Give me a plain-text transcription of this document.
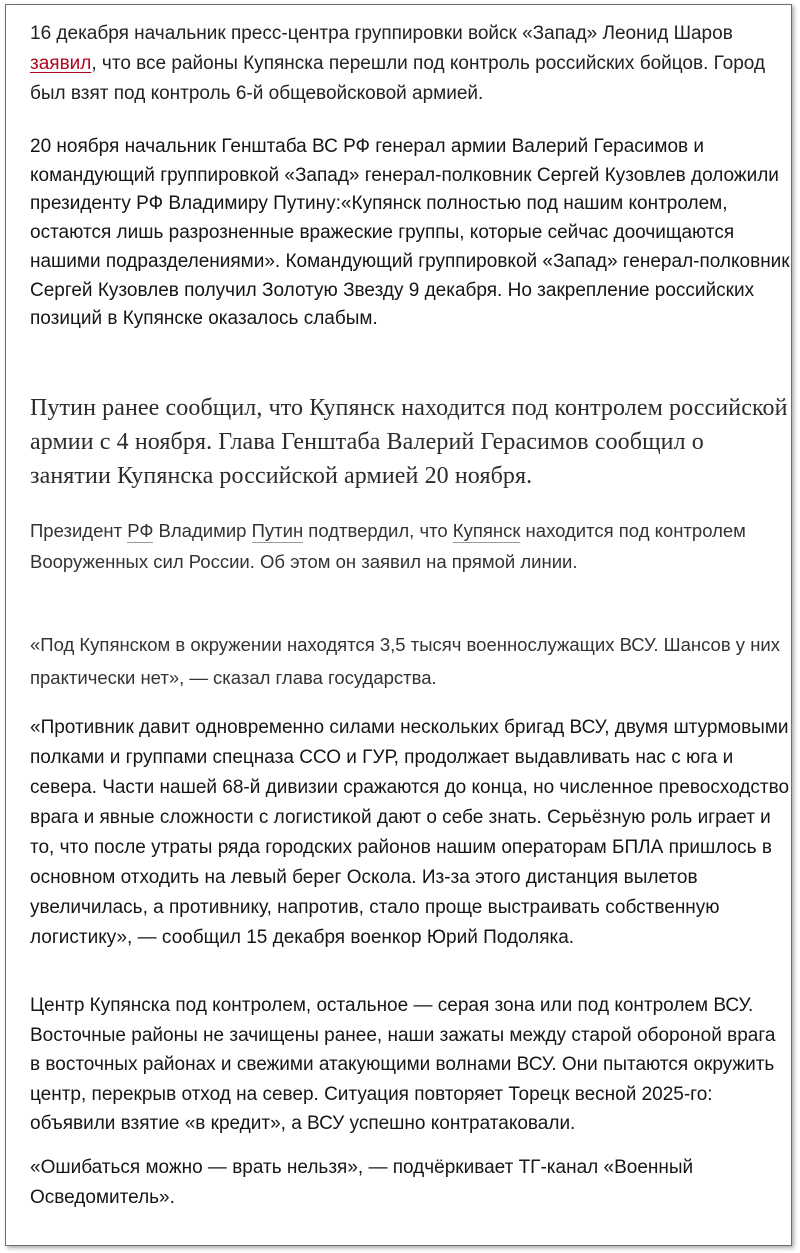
16 декабря начальник пресс-центра группировки войск «Запад» Леонид Шаров заявил, что все районы Купянска перешли под контроль российских бойцов. Город был взят под контроль 6-й общевойсковой армией.

20 ноября начальник Генштаба ВС РФ генерал армии Валерий Герасимов и командующий группировкой «Запад» генерал-полковник Сергей Кузовлев доложили президенту РФ Владимиру Путину:«Купянск полностью под нашим контролем, остаются лишь разрозненные вражеские группы, которые сейчас доочищаются нашими подразделениями». Командующий группировкой «Запад» генерал-полковник Сергей Кузовлев получил Золотую Звезду 9 декабря. Но закрепление российских позиций в Купянске оказалось слабым.

Путин ранее сообщил, что Купянск находится под контролем российской армии с 4 ноября. Глава Генштаба Валерий Герасимов сообщил о занятии Купянска российской армией 20 ноября.

Президент РФ Владимир Путин подтвердил, что Купянск находится под контролем Вооруженных сил России. Об этом он заявил на прямой линии.

«Под Купянском в окружении находятся 3,5 тысяч военнослужащих ВСУ. Шансов у них практически нет», — сказал глава государства.

«Противник давит одновременно силами нескольких бригад ВСУ, двумя штурмовыми полками и группами спецназа ССО и ГУР, продолжает выдавливать нас с юга и севера. Части нашей 68-й дивизии сражаются до конца, но численное превосходство врага и явные сложности с логистикой дают о себе знать. Серьёзную роль играет и то, что после утраты ряда городских районов нашим операторам БПЛА пришлось в основном отходить на левый берег Оскола. Из-за этого дистанция вылетов увеличилась, а противнику, напротив, стало проще выстраивать собственную логистику», — сообщил 15 декабря военкор Юрий Подоляка.

Центр Купянска под контролем, остальное — серая зона или под контролем ВСУ. Восточные районы не зачищены ранее, наши зажаты между старой обороной врага в восточных районах и свежими атакующими волнами ВСУ. Они пытаются окружить центр, перекрыв отход на север. Ситуация повторяет Торецк весной 2025-го: объявили взятие «в кредит», а ВСУ успешно контратаковали.

«Ошибаться можно — врать нельзя», — подчёркивает ТГ-канал «Военный Осведомитель».
